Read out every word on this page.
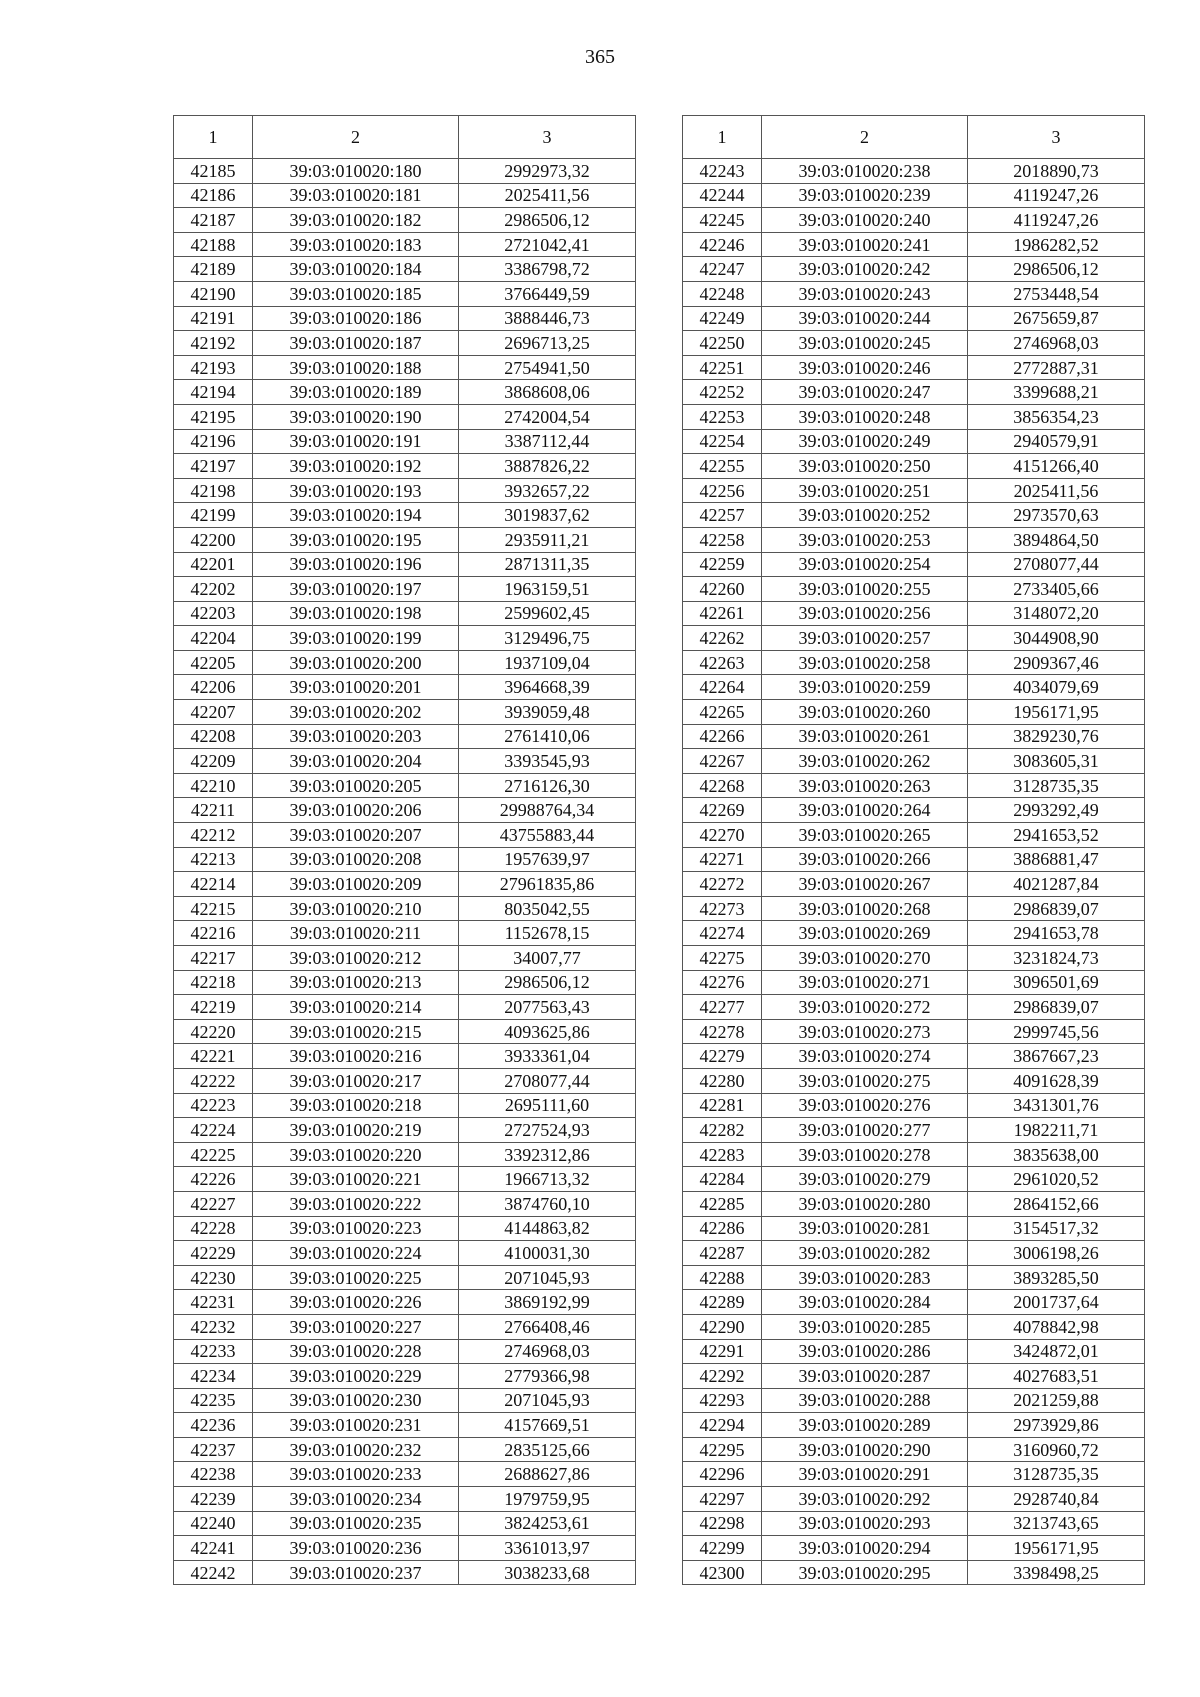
365
1	2	3
42185	39:03:010020:180	2992973,32
42186	39:03:010020:181	2025411,56
42187	39:03:010020:182	2986506,12
42188	39:03:010020:183	2721042,41
42189	39:03:010020:184	3386798,72
42190	39:03:010020:185	3766449,59
42191	39:03:010020:186	3888446,73
42192	39:03:010020:187	2696713,25
42193	39:03:010020:188	2754941,50
42194	39:03:010020:189	3868608,06
42195	39:03:010020:190	2742004,54
42196	39:03:010020:191	3387112,44
42197	39:03:010020:192	3887826,22
42198	39:03:010020:193	3932657,22
42199	39:03:010020:194	3019837,62
42200	39:03:010020:195	2935911,21
42201	39:03:010020:196	2871311,35
42202	39:03:010020:197	1963159,51
42203	39:03:010020:198	2599602,45
42204	39:03:010020:199	3129496,75
42205	39:03:010020:200	1937109,04
42206	39:03:010020:201	3964668,39
42207	39:03:010020:202	3939059,48
42208	39:03:010020:203	2761410,06
42209	39:03:010020:204	3393545,93
42210	39:03:010020:205	2716126,30
42211	39:03:010020:206	29988764,34
42212	39:03:010020:207	43755883,44
42213	39:03:010020:208	1957639,97
42214	39:03:010020:209	27961835,86
42215	39:03:010020:210	8035042,55
42216	39:03:010020:211	1152678,15
42217	39:03:010020:212	34007,77
42218	39:03:010020:213	2986506,12
42219	39:03:010020:214	2077563,43
42220	39:03:010020:215	4093625,86
42221	39:03:010020:216	3933361,04
42222	39:03:010020:217	2708077,44
42223	39:03:010020:218	2695111,60
42224	39:03:010020:219	2727524,93
42225	39:03:010020:220	3392312,86
42226	39:03:010020:221	1966713,32
42227	39:03:010020:222	3874760,10
42228	39:03:010020:223	4144863,82
42229	39:03:010020:224	4100031,30
42230	39:03:010020:225	2071045,93
42231	39:03:010020:226	3869192,99
42232	39:03:010020:227	2766408,46
42233	39:03:010020:228	2746968,03
42234	39:03:010020:229	2779366,98
42235	39:03:010020:230	2071045,93
42236	39:03:010020:231	4157669,51
42237	39:03:010020:232	2835125,66
42238	39:03:010020:233	2688627,86
42239	39:03:010020:234	1979759,95
42240	39:03:010020:235	3824253,61
42241	39:03:010020:236	3361013,97
42242	39:03:010020:237	3038233,68
1	2	3
42243	39:03:010020:238	2018890,73
42244	39:03:010020:239	4119247,26
42245	39:03:010020:240	4119247,26
42246	39:03:010020:241	1986282,52
42247	39:03:010020:242	2986506,12
42248	39:03:010020:243	2753448,54
42249	39:03:010020:244	2675659,87
42250	39:03:010020:245	2746968,03
42251	39:03:010020:246	2772887,31
42252	39:03:010020:247	3399688,21
42253	39:03:010020:248	3856354,23
42254	39:03:010020:249	2940579,91
42255	39:03:010020:250	4151266,40
42256	39:03:010020:251	2025411,56
42257	39:03:010020:252	2973570,63
42258	39:03:010020:253	3894864,50
42259	39:03:010020:254	2708077,44
42260	39:03:010020:255	2733405,66
42261	39:03:010020:256	3148072,20
42262	39:03:010020:257	3044908,90
42263	39:03:010020:258	2909367,46
42264	39:03:010020:259	4034079,69
42265	39:03:010020:260	1956171,95
42266	39:03:010020:261	3829230,76
42267	39:03:010020:262	3083605,31
42268	39:03:010020:263	3128735,35
42269	39:03:010020:264	2993292,49
42270	39:03:010020:265	2941653,52
42271	39:03:010020:266	3886881,47
42272	39:03:010020:267	4021287,84
42273	39:03:010020:268	2986839,07
42274	39:03:010020:269	2941653,78
42275	39:03:010020:270	3231824,73
42276	39:03:010020:271	3096501,69
42277	39:03:010020:272	2986839,07
42278	39:03:010020:273	2999745,56
42279	39:03:010020:274	3867667,23
42280	39:03:010020:275	4091628,39
42281	39:03:010020:276	3431301,76
42282	39:03:010020:277	1982211,71
42283	39:03:010020:278	3835638,00
42284	39:03:010020:279	2961020,52
42285	39:03:010020:280	2864152,66
42286	39:03:010020:281	3154517,32
42287	39:03:010020:282	3006198,26
42288	39:03:010020:283	3893285,50
42289	39:03:010020:284	2001737,64
42290	39:03:010020:285	4078842,98
42291	39:03:010020:286	3424872,01
42292	39:03:010020:287	4027683,51
42293	39:03:010020:288	2021259,88
42294	39:03:010020:289	2973929,86
42295	39:03:010020:290	3160960,72
42296	39:03:010020:291	3128735,35
42297	39:03:010020:292	2928740,84
42298	39:03:010020:293	3213743,65
42299	39:03:010020:294	1956171,95
42300	39:03:010020:295	3398498,25
